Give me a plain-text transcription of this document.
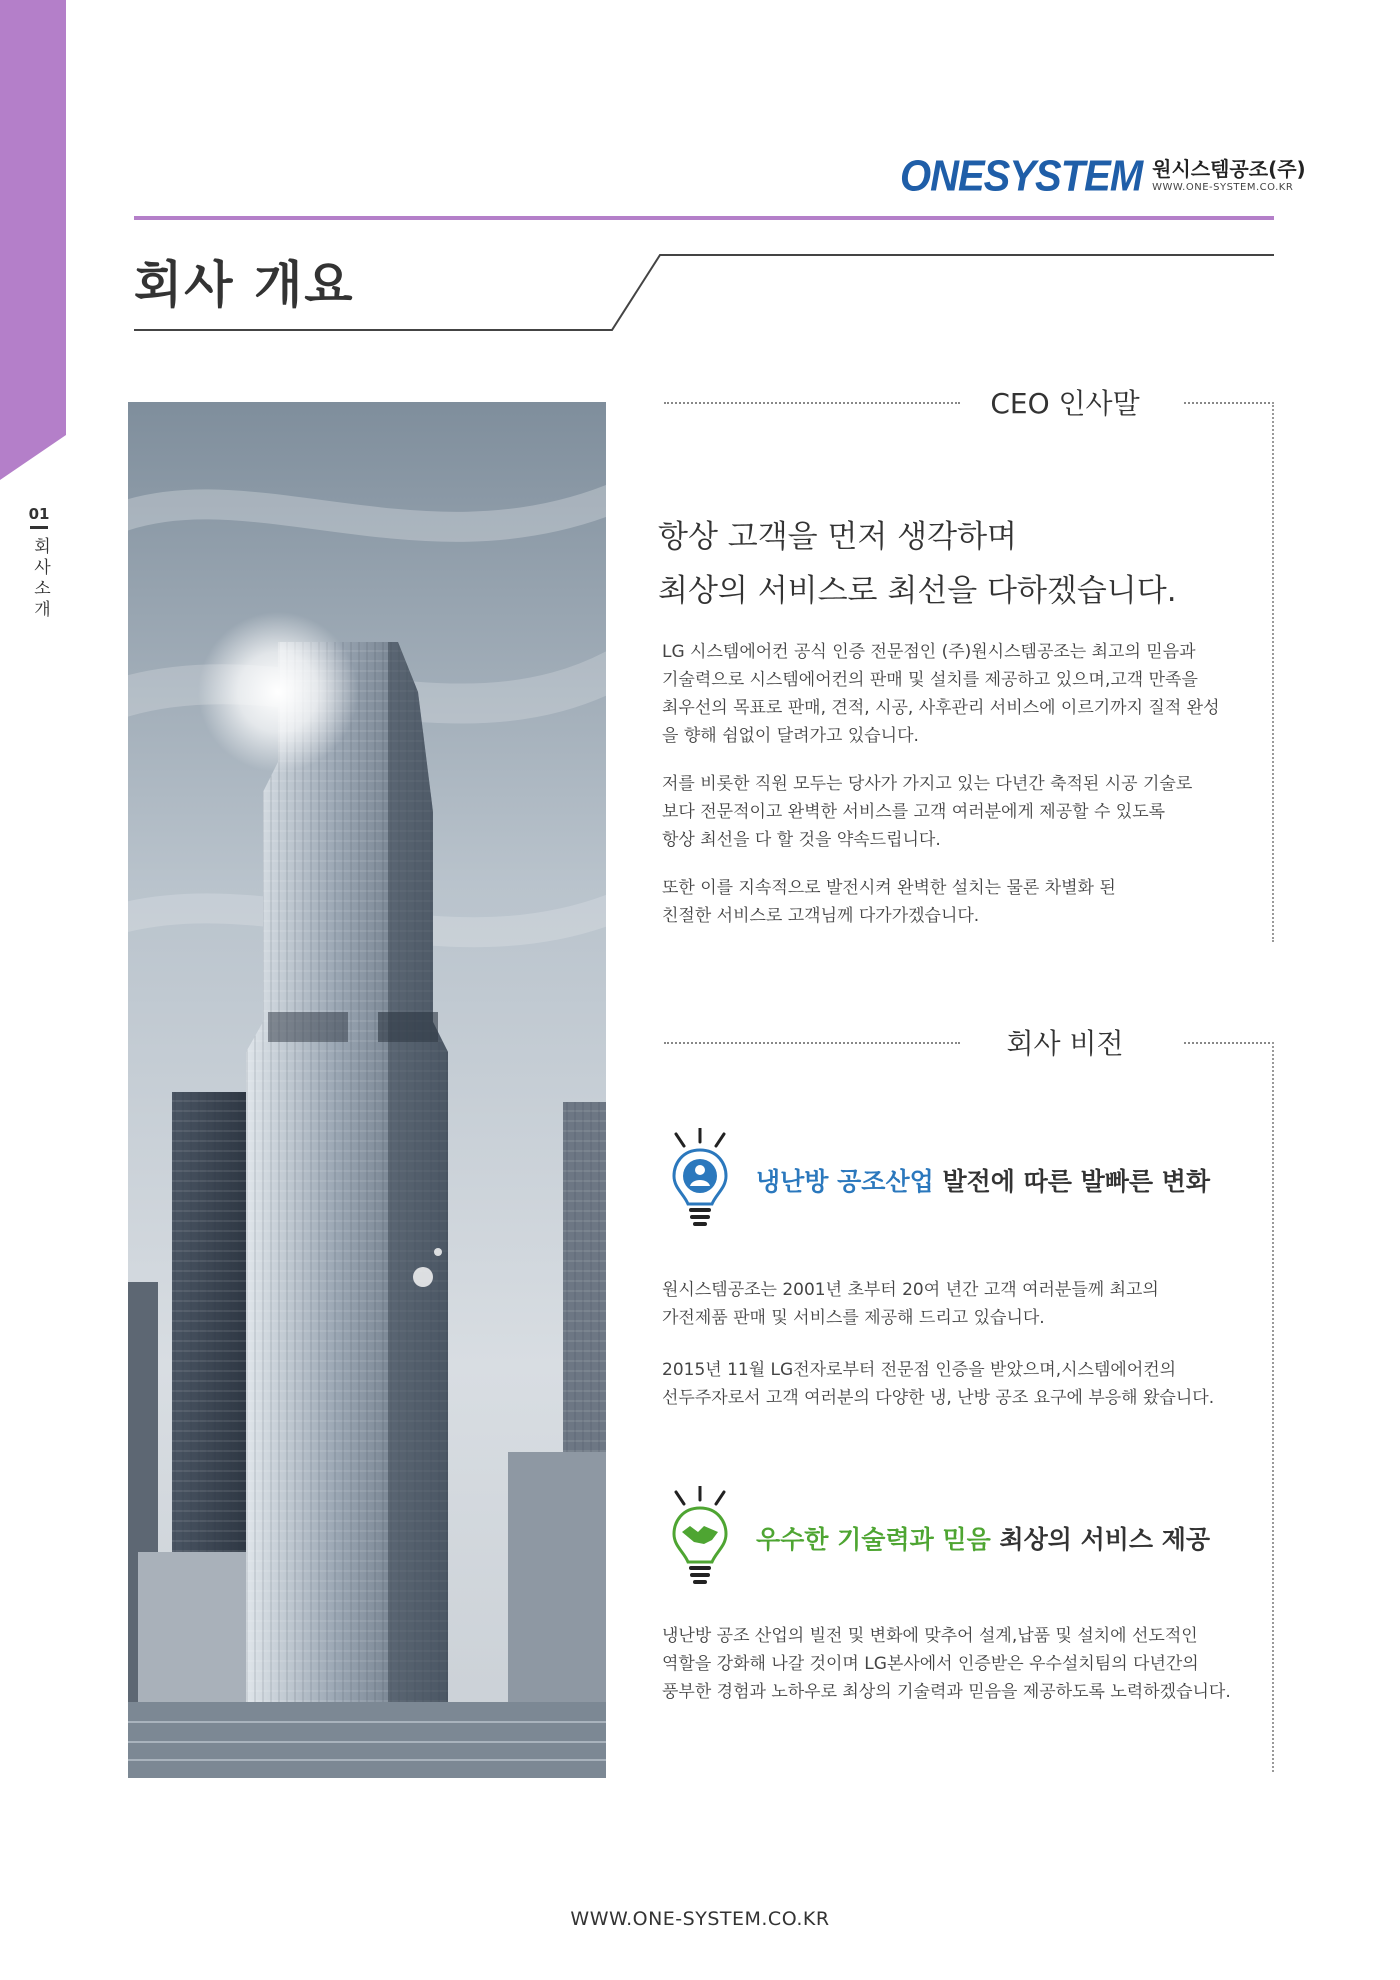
01
회사소개
ONESYSTEM 원시스템공조(주)
WWW.ONE-SYSTEM.CO.KR
회사 개요
CEO 인사말
항상 고객을 먼저 생각하며
최상의 서비스로 최선을 다하겠습니다.
LG 시스템에어컨 공식 인증 전문점인 (주)원시스템공조는 최고의 믿음과
기술력으로 시스템에어컨의 판매 및 설치를 제공하고 있으며,고객 만족을
최우선의 목표로 판매, 견적, 시공, 사후관리 서비스에 이르기까지 질적 완성
을 향해 쉼없이 달려가고 있습니다.
저를 비롯한 직원 모두는 당사가 가지고 있는 다년간 축적된 시공 기술로
보다 전문적이고 완벽한 서비스를 고객 여러분에게 제공할 수 있도록
항상 최선을 다 할 것을 약속드립니다.
또한 이를 지속적으로 발전시켜 완벽한 설치는 물론 차별화 된
친절한 서비스로 고객님께 다가가겠습니다.
회사 비전
냉난방 공조산업 발전에 따른 발빠른 변화
원시스템공조는 2001년 초부터 20여 년간 고객 여러분들께 최고의
가전제품 판매 및 서비스를 제공해 드리고 있습니다.
2015년 11월 LG전자로부터 전문점 인증을 받았으며,시스템에어컨의
선두주자로서 고객 여러분의 다양한 냉, 난방 공조 요구에 부응해 왔습니다.
우수한 기술력과 믿음 최상의 서비스 제공
냉난방 공조 산업의 빌전 및 변화에 맞추어 설계,납품 및 설치에 선도적인
역할을 강화해 나갈 것이며 LG본사에서 인증받은 우수설치팀의 다년간의
풍부한 경험과 노하우로 최상의 기술력과 믿음을 제공하도록 노력하겠습니다.
WWW.ONE-SYSTEM.CO.KR
